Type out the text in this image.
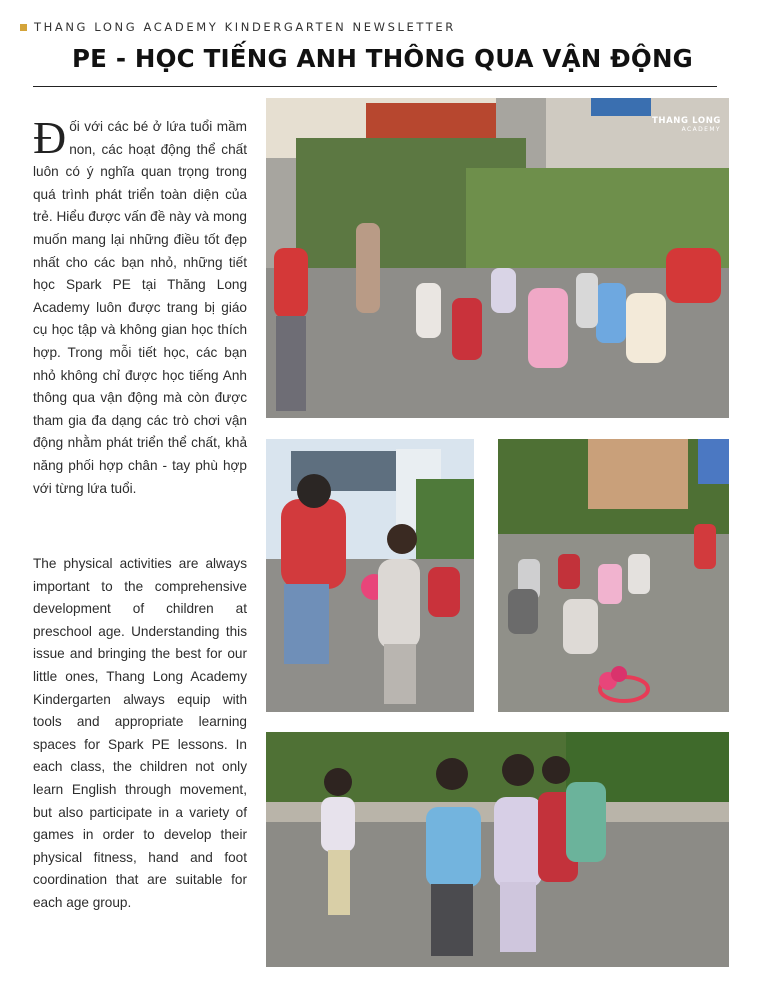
THANG LONG ACADEMY KINDERGARTEN NEWSLETTER
PE - HỌC TIẾNG ANH THÔNG QUA VẬN ĐỘNG
Đối với các bé ở lứa tuổi mầm non, các hoạt động thể chất luôn có ý nghĩa quan trọng trong quá trình phát triển toàn diện của trẻ. Hiểu được vấn đề này và mong muốn mang lại những điều tốt đẹp nhất cho các bạn nhỏ, những tiết học Spark PE tại Thăng Long Academy luôn được trang bị giáo cụ học tập và không gian học thích hợp. Trong mỗi tiết học, các bạn nhỏ không chỉ được học tiếng Anh thông qua vận động mà còn được tham gia đa dạng các trò chơi vận động nhằm phát triển thể chất, khả năng phối hợp chân - tay phù hợp với từng lứa tuổi.
The physical activities are always important to the comprehensive development of children at preschool age. Understanding this issue and bringing the best for our little ones, Thang Long Academy Kindergarten always equip with tools and appropriate learning spaces for Spark PE lessons. In each class, the children not only learn English through movement, but also participate in a variety of games in order to develop their physical fitness, hand and foot coordination that are suitable for each age group.
THANG LONG
ACADEMY
